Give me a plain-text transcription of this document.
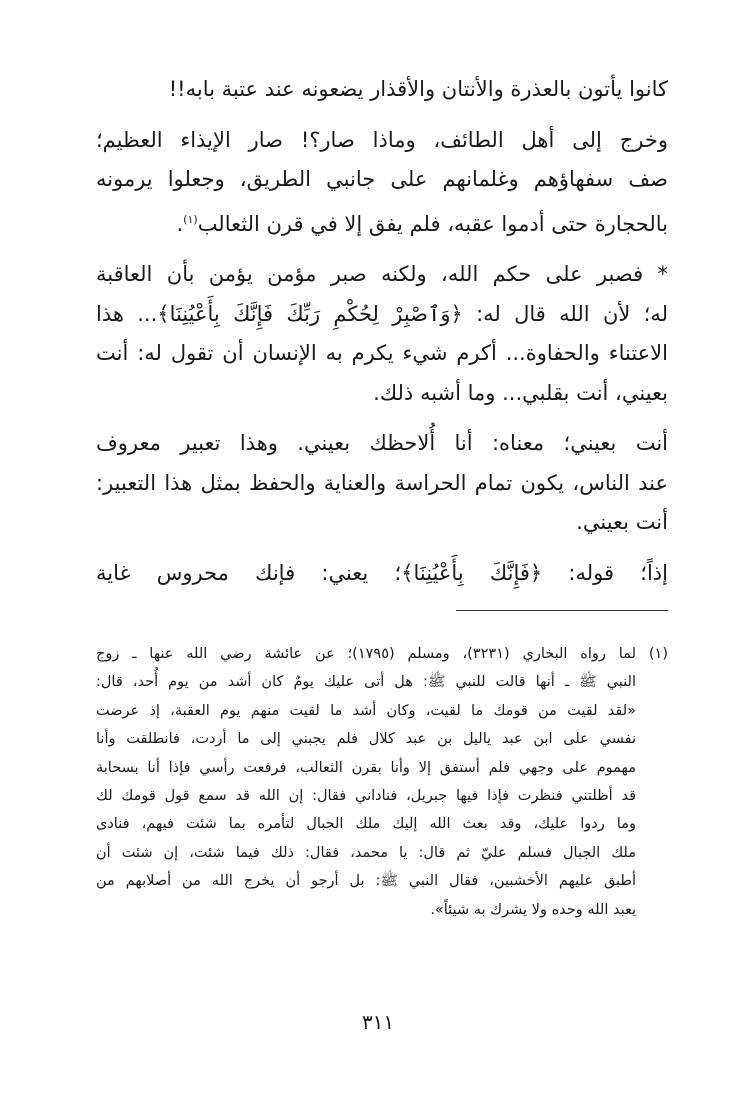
كانوا يأتون بالعذرة والأنتان والأقذار يضعونه عند عتبة بابه!!

وخرج إلى أهل الطائف، وماذا صار؟! صار الإيذاء العظيم؛
صف سفهاؤهم وغلمانهم على جانبي الطريق، وجعلوا يرمونه
بالحجارة حتى أدموا عقبه، فلم يفق إلا في قرن الثعالب$^{(١)}$.

* فصبر على حكم الله، ولكنه صبر مؤمن يؤمن بأن العاقبة
له؛ لأن الله قال له: ﴿وَٱصْبِرْ لِحُكْمِ رَبِّكَ فَإِنَّكَ بِأَعْيُنِنَا﴾... هذا
الاعتناء والحفاوة... أكرم شيء يكرم به الإنسان أن تقول له: أنت
بعيني، أنت بقلبي... وما أشبه ذلك.

أنت بعيني؛ معناه: أنا أُلاحظك بعيني. وهذا تعبير معروف
عند الناس، يكون تمام الحراسة والعناية والحفظ بمثل هذا التعبير:
أنت بعيني.

إذاً؛ قوله: ﴿فَإِنَّكَ بِأَعْيُنِنَا﴾؛ يعني: فإنك محروس غاية

(١)
لما رواه البخاري (٣٢٣١)، ومسلم (١٧٩٥)؛ عن عائشة رضي الله عنها ـ زوج
النبي ﷺ ـ أنها قالت للنبي ﷺ: هل أتى عليك يومٌ كان أشد من يوم أُحد، قال:
«لقد لقيت من قومك ما لقيت، وكان أشد ما لقيت منهم يوم العقبة، إذ عرضت
نفسي على ابن عبد ياليل بن عبد كلال فلم يجبني إلى ما أردت، فانطلقت وأنا
مهموم على وجهي فلم أستفق إلا وأنا بقرن الثعالب، فرفعت رأسي فإذا أنا بسحابة
قد أظلتني فنظرت فإذا فيها جبريل، فناداني فقال: إن الله قد سمع قول قومك لك
وما ردوا عليك، وقد بعث الله إليك ملك الجبال لتأمره بما شئت فيهم، فنادى
ملك الجبال فسلم عليّ ثم قال: يا محمد، فقال: ذلك فيما شئت، إن شئت أن
أطبق عليهم الأخشبين، فقال النبي ﷺ: بل أرجو أن يخرج الله من أصلابهم من
يعبد الله وحده ولا يشرك به شيئاً».
٣١١
